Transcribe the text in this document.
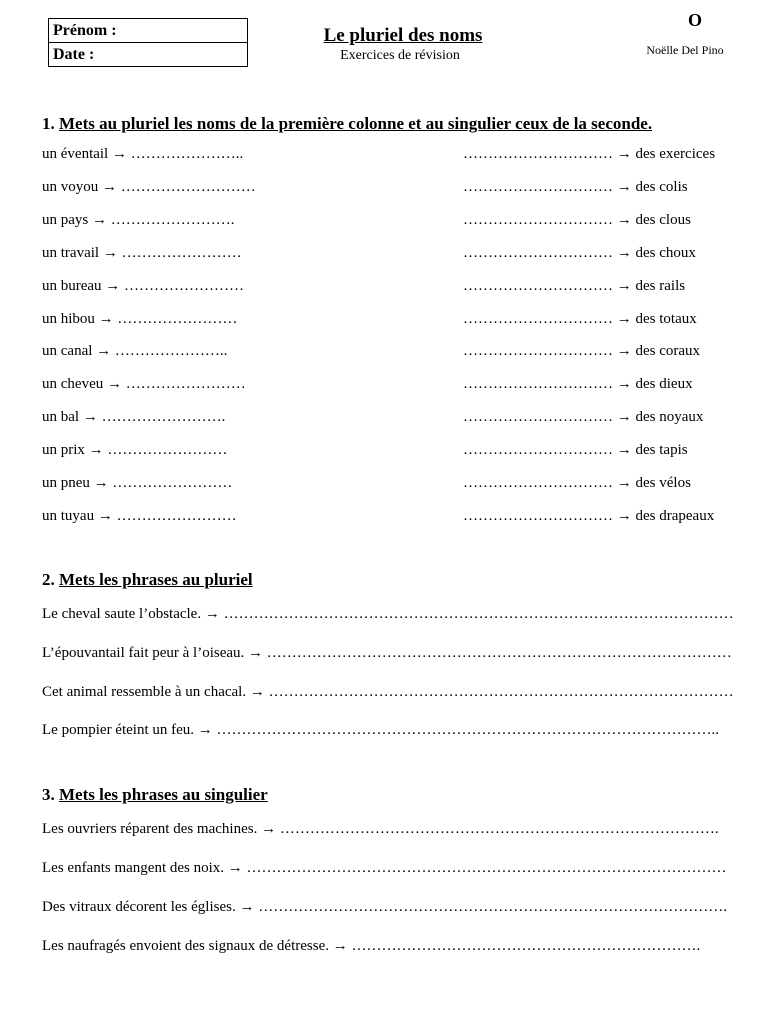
Prénom :
Date :
Le pluriel des noms
Exercices de révision
O
Noëlle Del Pino
1. Mets au pluriel les noms de la première colonne et au singulier ceux de la seconde.
un éventail → …………………..	………………………… → des exercices
un voyou → ………………………	………………………… → des colis
un pays → …………………….	………………………… → des clous
un travail → ……………………	………………………… → des choux
un bureau → ……………………	………………………… → des rails
un hibou → ……………………	………………………… → des totaux
un canal → …………………..	………………………… → des coraux
un cheveu → ……………………	………………………… → des dieux
un bal → …………………….	………………………… → des noyaux
un prix → ……………………	………………………… → des tapis
un pneu → ……………………	………………………… → des vélos
un tuyau → ……………………	………………………… → des drapeaux
2. Mets les phrases au pluriel
Le cheval saute l’obstacle. → …………………………………………………………………………………………
L’épouvantail fait peur à l’oiseau. → …………………………………………………………………………………
Cet animal ressemble à un chacal. → …………………………………………………………………………………
Le pompier éteint un feu. → ………………………………………………………………………………………..
3. Mets les phrases au singulier
Les ouvriers réparent des machines. → …………………………………………………………………………….
Les enfants mangent des noix. → ……………………………………………………………………………………
Des vitraux décorent les églises. → ………………………………………………………………………………….
Les naufragés envoient des signaux de détresse. → …………………………………………………………….
